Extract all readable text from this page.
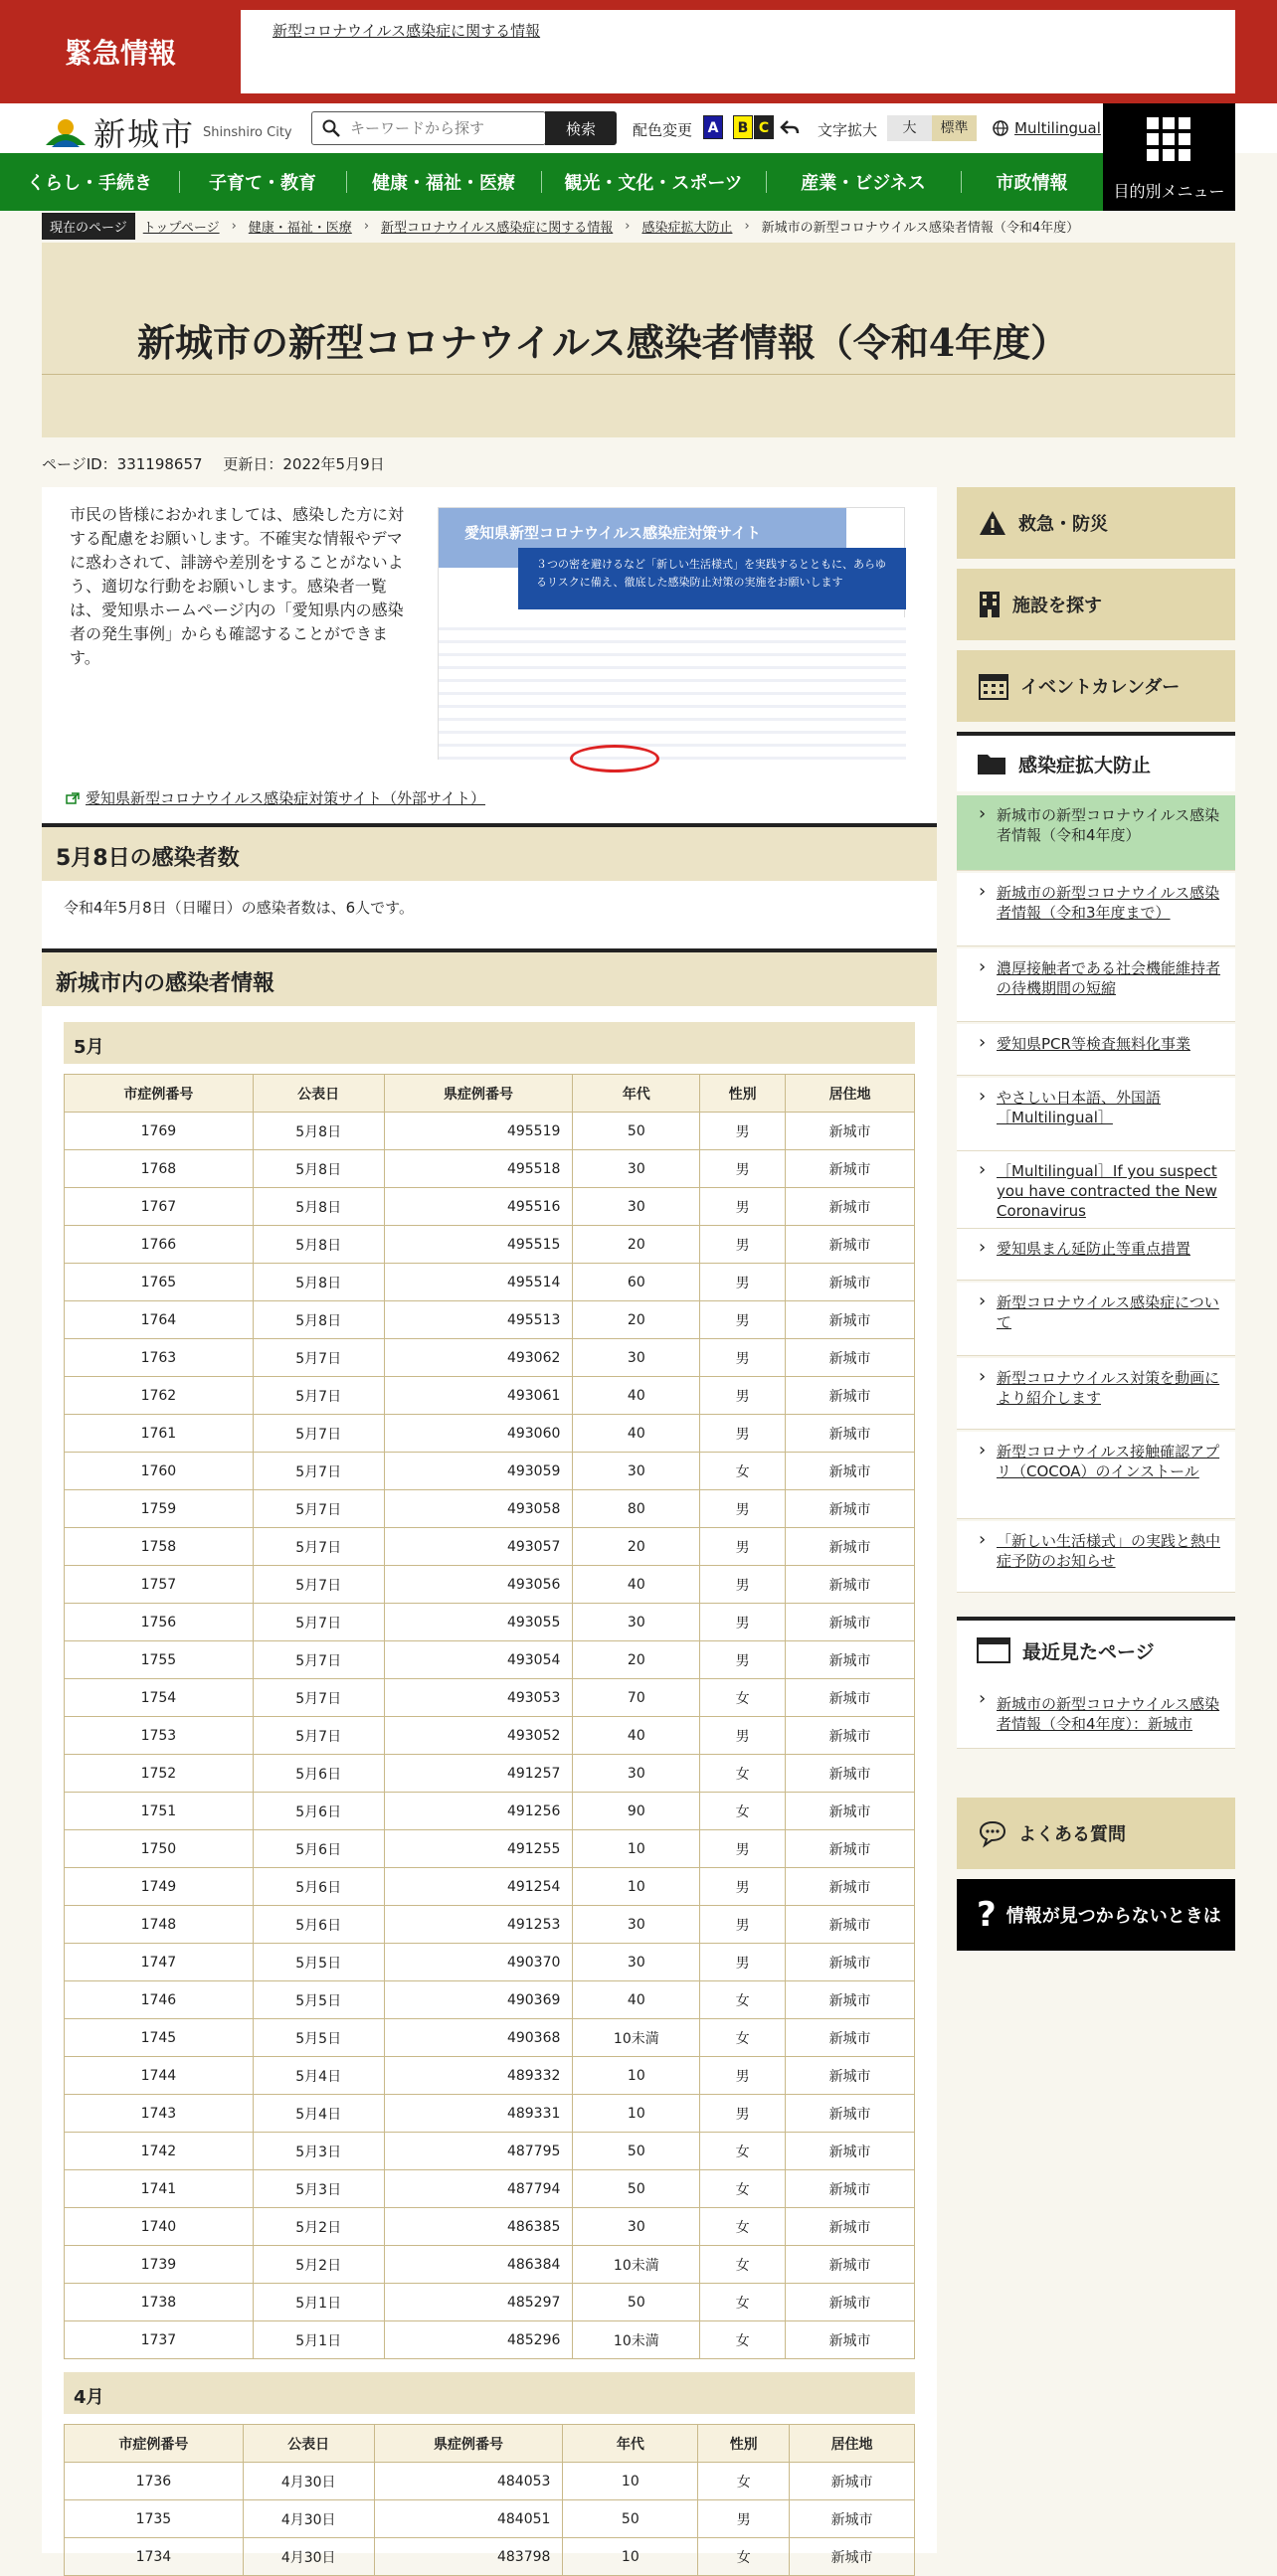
緊急情報
新型コロナウイルス感染症に関する情報
新城市 Shinshiro City
キーワードから探す	検索	配色変更	A	B C	文字拡大	大	標準	Multilingual
目的別メニュー
くらし・手続き	子育て・教育	健康・福祉・医療	観光・文化・スポーツ	産業・ビジネス	市政情報
現在のページ	トップページ › 健康・福祉・医療 › 新型コロナウイルス感染症に関する情報 › 感染症拡大防止 › 新城市の新型コロナウイルス感染者情報（令和4年度）
新城市の新型コロナウイルス感染者情報（令和4年度）
ページID：331198657 更新日：2022年5月9日

市民の皆様におかれましては、感染した方に対する配慮をお願いします。不確実な情報やデマに惑わされて、誹謗や差別をすることがないよう、適切な行動をお願いします。感染者一覧は、愛知県ホームページ内の「愛知県内の感染者の発生事例」からも確認することができます。

愛知県新型コロナウイルス感染症対策サイト
３つの密を避けるなど「新しい生活様式」を実践するとともに、あらゆるリスクに備え、徹底した感染防止対策の実施をお願いします
愛知県新型コロナウイルス感染症対策サイト（外部サイト）
5月8日の感染者数

令和4年5月8日（日曜日）の感染者数は、6人です。

新城市内の感染者情報
5月
市症例番号	公表日	県症例番号	年代	性別	居住地
1769	5月8日	495519	50	男	新城市
1768	5月8日	495518	30	男	新城市
1767	5月8日	495516	30	男	新城市
1766	5月8日	495515	20	男	新城市
1765	5月8日	495514	60	男	新城市
1764	5月8日	495513	20	男	新城市
1763	5月7日	493062	30	男	新城市
1762	5月7日	493061	40	男	新城市
1761	5月7日	493060	40	男	新城市
1760	5月7日	493059	30	女	新城市
1759	5月7日	493058	80	男	新城市
1758	5月7日	493057	20	男	新城市
1757	5月7日	493056	40	男	新城市
1756	5月7日	493055	30	男	新城市
1755	5月7日	493054	20	男	新城市
1754	5月7日	493053	70	女	新城市
1753	5月7日	493052	40	男	新城市
1752	5月6日	491257	30	女	新城市
1751	5月6日	491256	90	女	新城市
1750	5月6日	491255	10	男	新城市
1749	5月6日	491254	10	男	新城市
1748	5月6日	491253	30	男	新城市
1747	5月5日	490370	30	男	新城市
1746	5月5日	490369	40	女	新城市
1745	5月5日	490368	10未満	女	新城市
1744	5月4日	489332	10	男	新城市
1743	5月4日	489331	10	男	新城市
1742	5月3日	487795	50	女	新城市
1741	5月3日	487794	50	女	新城市
1740	5月2日	486385	30	女	新城市
1739	5月2日	486384	10未満	女	新城市
1738	5月1日	485297	50	女	新城市
1737	5月1日	485296	10未満	女	新城市
4月
市症例番号	公表日	県症例番号	年代	性別	居住地
1736	4月30日	484053	10	女	新城市
1735	4月30日	484051	50	男	新城市
1734	4月30日	483798	10	女	新城市
救急・防災
施設を探す
イベントカレンダー
感染症拡大防止
› 新城市の新型コロナウイルス感染者情報（令和4年度）
› 新城市の新型コロナウイルス感染者情報（令和3年度まで）
› 濃厚接触者である社会機能維持者の待機期間の短縮
› 愛知県PCR等検査無料化事業
› やさしい日本語、外国語［Multilingual］
› ［Multilingual］If you suspect you have contracted the New Coronavirus
› 愛知県まん延防止等重点措置
› 新型コロナウイルス感染症について
› 新型コロナウイルス対策を動画により紹介します
› 新型コロナウイルス接触確認アプリ（COCOA）のインストール
› 「新しい生活様式」の実践と熱中症予防のお知らせ
最近見たページ
› 新城市の新型コロナウイルス感染者情報（令和4年度）：新城市
よくある質問
? 情報が見つからないときは
